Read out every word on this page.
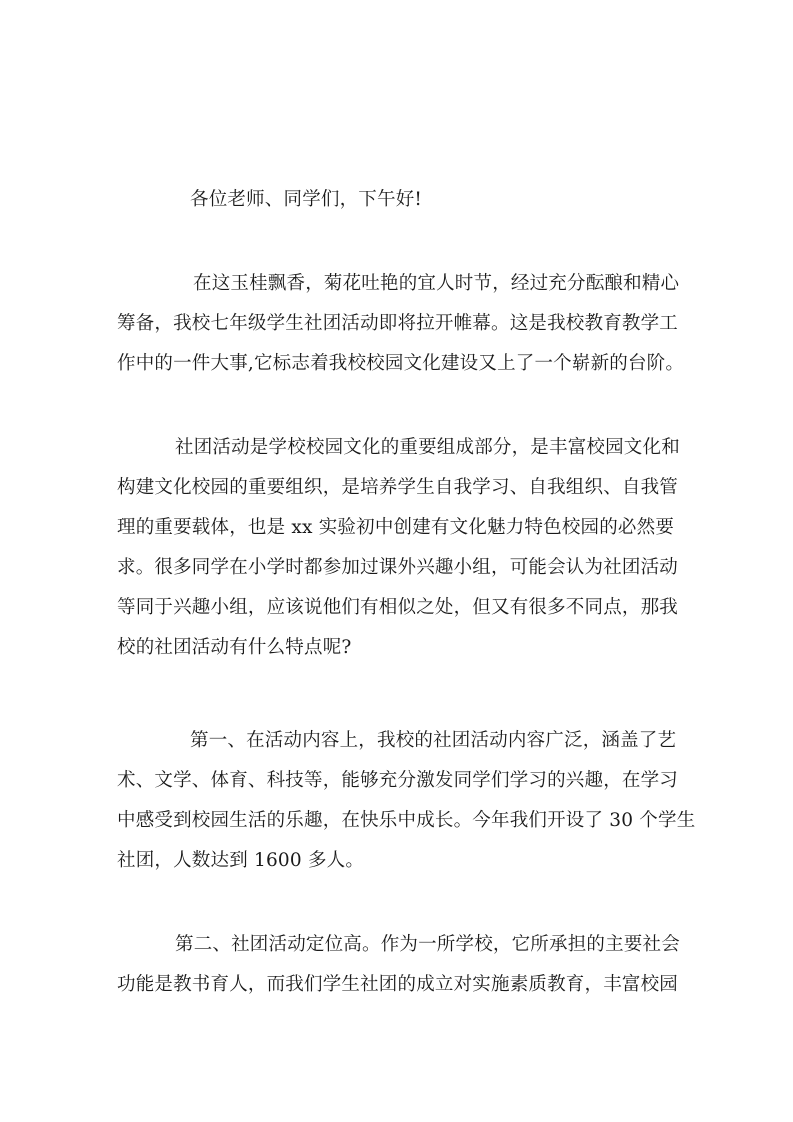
各位老师、同学们，下午好!
在这玉桂飘香，菊花吐艳的宜人时节，经过充分酝酿和精心
筹备，我校七年级学生社团活动即将拉开帷幕。这是我校教育教学工
作中的一件大事,它标志着我校校园文化建设又上了一个崭新的台阶。
社团活动是学校校园文化的重要组成部分，是丰富校园文化和
构建文化校园的重要组织，是培养学生自我学习、自我组织、自我管
理的重要载体，也是 xx 实验初中创建有文化魅力特色校园的必然要
求。很多同学在小学时都参加过课外兴趣小组，可能会认为社团活动
等同于兴趣小组，应该说他们有相似之处，但又有很多不同点，那我
校的社团活动有什么特点呢?
第一、在活动内容上，我校的社团活动内容广泛，涵盖了艺
术、文学、体育、科技等，能够充分激发同学们学习的兴趣，在学习
中感受到校园生活的乐趣，在快乐中成长。今年我们开设了 30 个学生
社团，人数达到 1600 多人。
第二、社团活动定位高。作为一所学校，它所承担的主要社会
功能是教书育人，而我们学生社团的成立对实施素质教育，丰富校园
